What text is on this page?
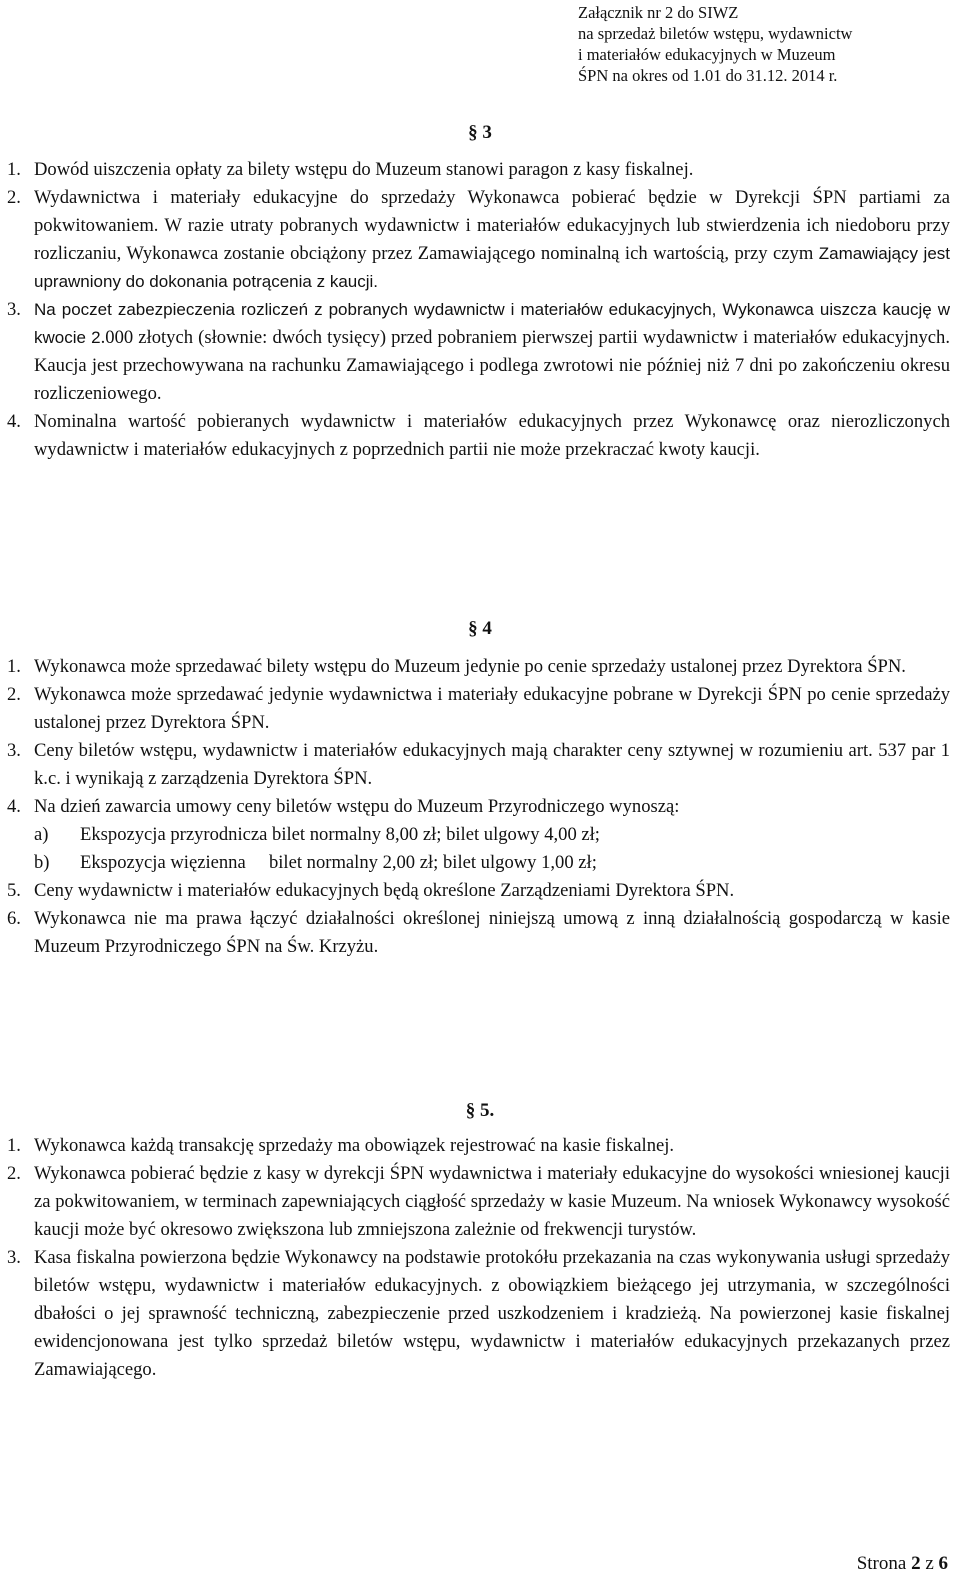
Załącznik nr 2 do SIWZ
na sprzedaż biletów wstępu, wydawnictw
i materiałów edukacyjnych w Muzeum
ŚPN na okres od 1.01 do 31.12. 2014 r.
§ 3
1. Dowód uiszczenia opłaty za bilety wstępu do Muzeum stanowi paragon z kasy fiskalnej.
2. Wydawnictwa i materiały edukacyjne do sprzedaży Wykonawca pobierać będzie w Dyrekcji ŚPN partiami za pokwitowaniem. W razie utraty pobranych wydawnictw i materiałów edukacyjnych lub stwierdzenia ich niedoboru przy rozliczaniu, Wykonawca zostanie obciążony przez Zamawiającego nominalną ich wartością, przy czym Zamawiający jest uprawniony do dokonania potrącenia z kaucji.
3. Na poczet zabezpieczenia rozliczeń z pobranych wydawnictw i materiałów edukacyjnych, Wykonawca uiszcza kaucję w kwocie 2.000 złotych (słownie: dwóch tysięcy) przed pobraniem pierwszej partii wydawnictw i materiałów edukacyjnych. Kaucja jest przechowywana na rachunku Zamawiającego i podlega zwrotowi nie później niż 7 dni po zakończeniu okresu rozliczeniowego.
4. Nominalna wartość pobieranych wydawnictw i materiałów edukacyjnych przez Wykonawcę oraz nierozliczonych wydawnictw i materiałów edukacyjnych z poprzednich partii nie może przekraczać kwoty kaucji.
§ 4
1. Wykonawca może sprzedawać bilety wstępu do Muzeum jedynie po cenie sprzedaży ustalonej przez Dyrektora ŚPN.
2. Wykonawca może sprzedawać jedynie wydawnictwa i materiały edukacyjne pobrane w Dyrekcji ŚPN po cenie sprzedaży ustalonej przez Dyrektora ŚPN.
3. Ceny biletów wstępu, wydawnictw i materiałów edukacyjnych mają charakter ceny sztywnej w rozumieniu art. 537 par 1 k.c. i wynikają z zarządzenia Dyrektora ŚPN.
4. Na dzień zawarcia umowy ceny biletów wstępu do Muzeum Przyrodniczego wynoszą:
a)	Ekspozycja przyrodnicza bilet normalny 8,00 zł; bilet ulgowy 4,00 zł;
b)	Ekspozycja więzienna     bilet normalny 2,00 zł; bilet ulgowy 1,00 zł;
5. Ceny wydawnictw i materiałów edukacyjnych będą określone Zarządzeniami Dyrektora ŚPN.
6. Wykonawca nie ma prawa łączyć działalności określonej niniejszą umową z inną działalnością gospodarczą w kasie Muzeum Przyrodniczego ŚPN na Św. Krzyżu.
§ 5.
1. Wykonawca każdą transakcję sprzedaży ma obowiązek rejestrować na kasie fiskalnej.
2. Wykonawca pobierać będzie z kasy w dyrekcji ŚPN wydawnictwa i materiały edukacyjne do wysokości wniesionej kaucji za pokwitowaniem, w terminach zapewniających ciągłość sprzedaży w kasie Muzeum. Na wniosek Wykonawcy wysokość kaucji może być okresowo zwiększona lub zmniejszona zależnie od frekwencji turystów.
3. Kasa fiskalna powierzona będzie Wykonawcy na podstawie protokółu przekazania na czas wykonywania usługi sprzedaży biletów wstępu, wydawnictw i materiałów edukacyjnych. z obowiązkiem bieżącego jej utrzymania, w szczególności dbałości o jej sprawność techniczną, zabezpieczenie przed uszkodzeniem i kradzieżą. Na powierzonej kasie fiskalnej ewidencjonowana jest tylko sprzedaż biletów wstępu, wydawnictw i materiałów edukacyjnych przekazanych przez Zamawiającego.
Strona 2 z 6
